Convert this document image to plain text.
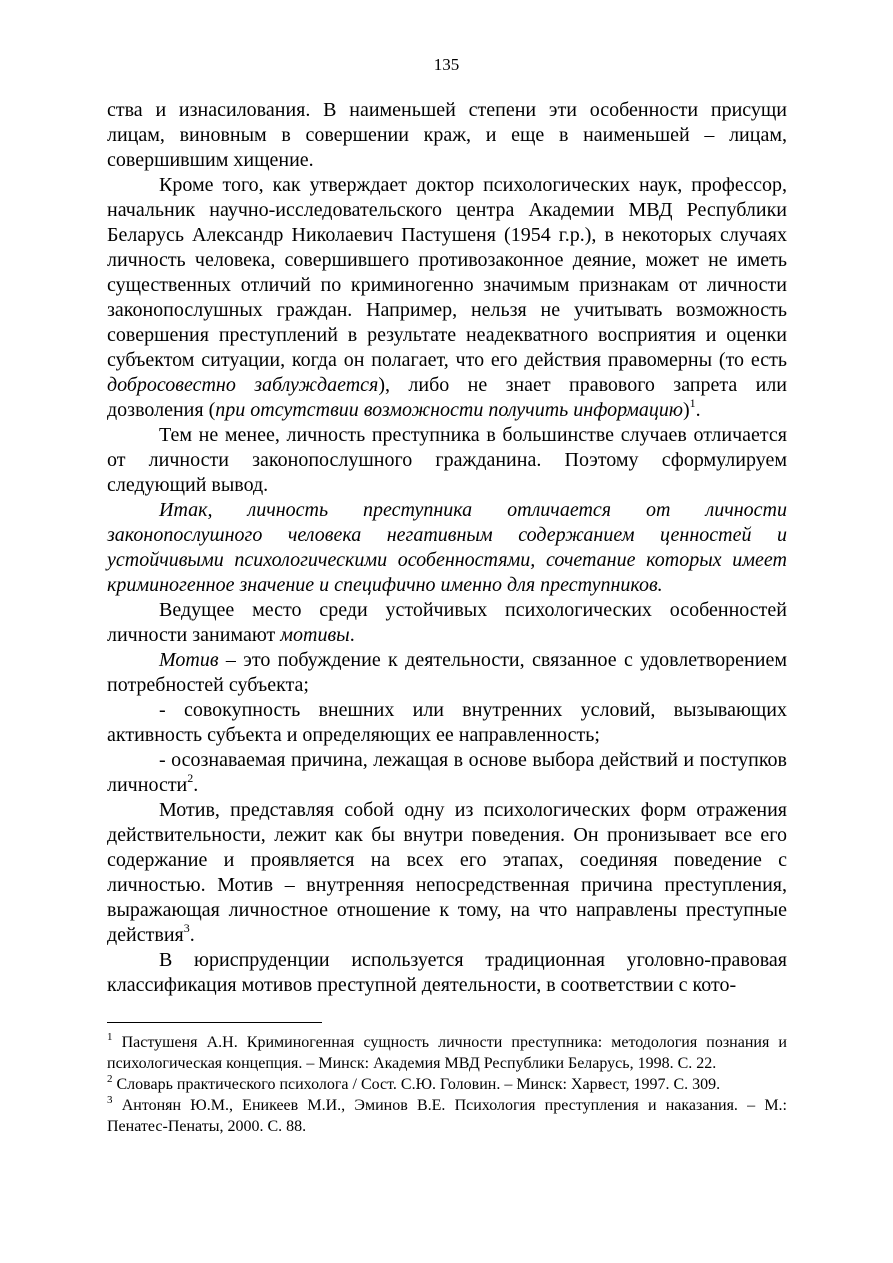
135

ства и изнасилования. В наименьшей степени эти особенности присущи лицам, виновным в совершении краж, и еще в наименьшей – лицам, совершившим хищение.

Кроме того, как утверждает доктор психологических наук, профессор, начальник научно-исследовательского центра Академии МВД Республики Беларусь Александр Николаевич Пастушеня (1954 г.р.), в некоторых случаях личность человека, совершившего противозаконное деяние, может не иметь существенных отличий по криминогенно значимым признакам от личности законопослушных граждан. Например, нельзя не учитывать возможность совершения преступлений в результате неадекватного восприятия и оценки субъектом ситуации, когда он полагает, что его действия правомерны (то есть добросовестно заблуждается), либо не знает правового запрета или дозволения (при отсутствии возможности получить информацию)$^1$.

Тем не менее, личность преступника в большинстве случаев отличается от личности законопослушного гражданина. Поэтому сформулируем следующий вывод.

Итак, личность преступника отличается от личности законопослушного человека негативным содержанием ценностей и устойчивыми психологическими особенностями, сочетание которых имеет криминогенное значение и специфично именно для преступников.

Ведущее место среди устойчивых психологических особенностей личности занимают мотивы.

Мотив – это побуждение к деятельности, связанное с удовлетворением потребностей субъекта;

- совокупность внешних или внутренних условий, вызывающих активность субъекта и определяющих ее направленность;

- осознаваемая причина, лежащая в основе выбора действий и поступков личности$^2$.

Мотив, представляя собой одну из психологических форм отражения действительности, лежит как бы внутри поведения. Он пронизывает все его содержание и проявляется на всех его этапах, соединяя поведение с личностью. Мотив – внутренняя непосредственная причина преступления, выражающая личностное отношение к тому, на что направлены преступные действия$^3$.

В юриспруденции используется традиционная уголовно-правовая классификация мотивов преступной деятельности, в соответствии с кото-

$^1$ Пастушеня А.Н. Криминогенная сущность личности преступника: методология познания и психологическая концепция. – Минск: Академия МВД Республики Беларусь, 1998. С. 22.

$^2$ Словарь практического психолога / Сост. С.Ю. Головин. – Минск: Харвест, 1997. С. 309.

$^3$ Антонян Ю.М., Еникеев М.И., Эминов В.Е. Психология преступления и наказания. – М.: Пенатес-Пенаты, 2000. С. 88.
